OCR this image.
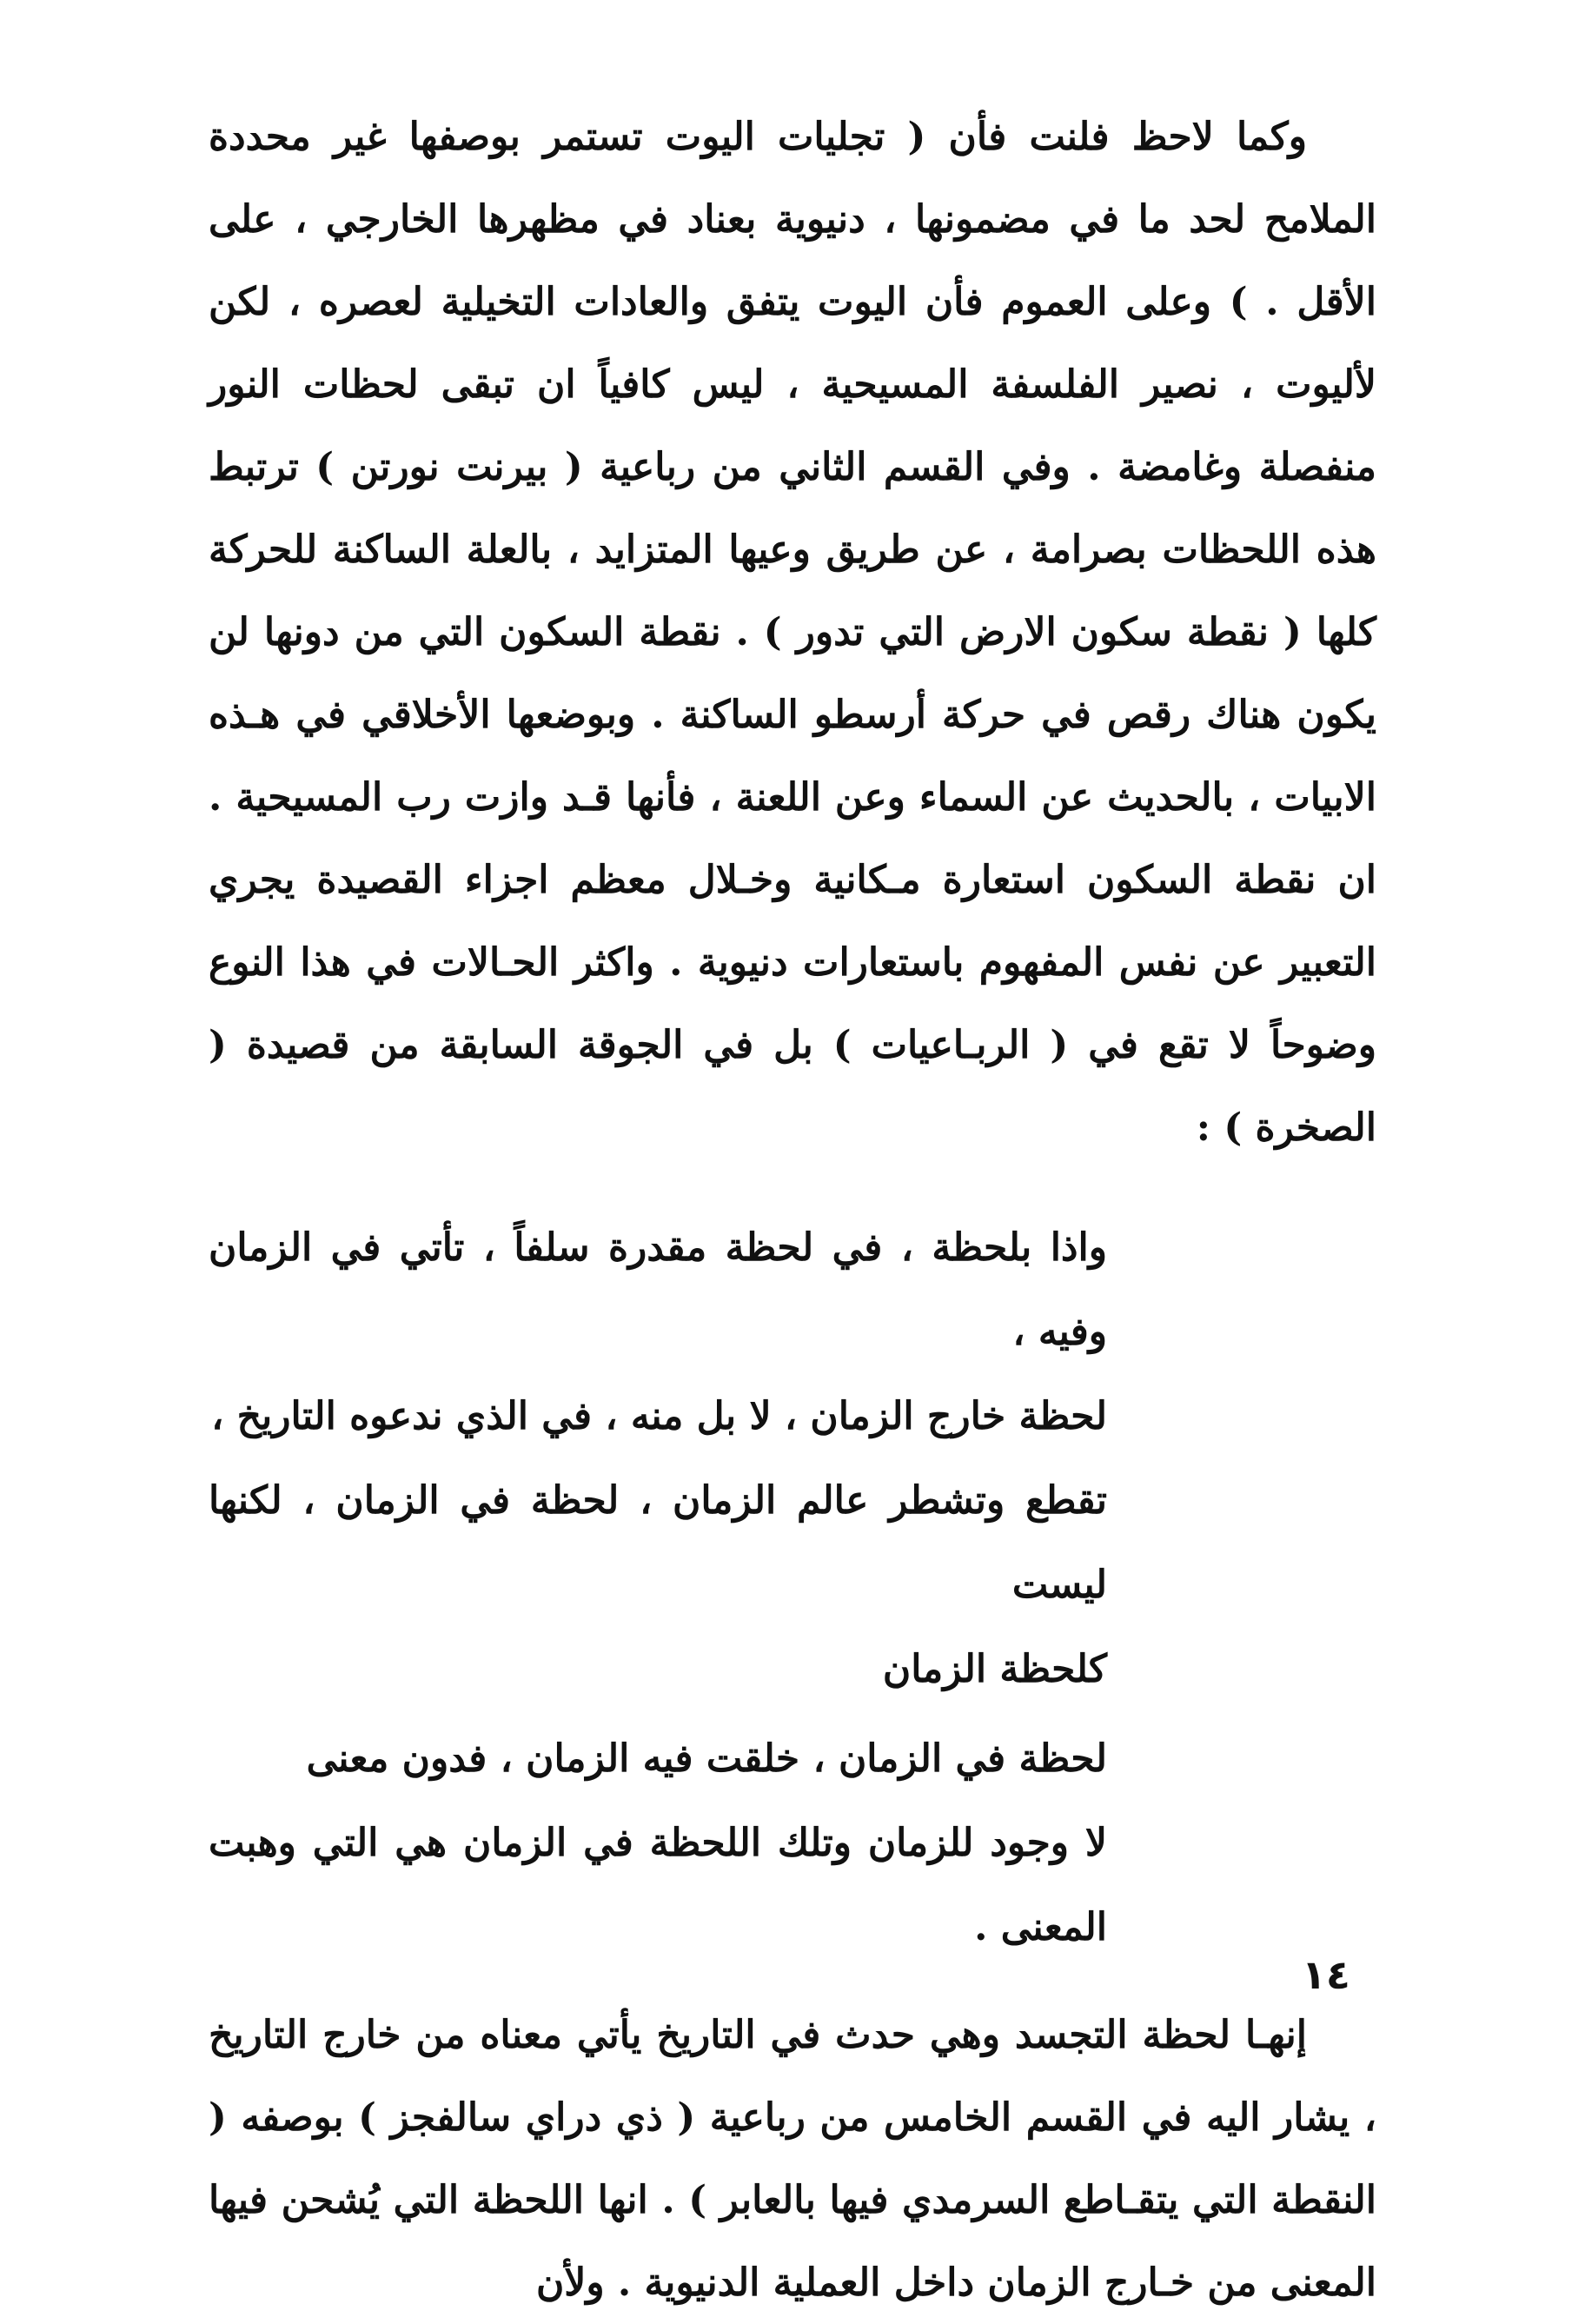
وكما لاحظ فلنت فأن ( تجليات اليوت تستمر بوصفها غير محددة الملامح لحد ما في مضمونها ، دنيوية بعناد في مظهرها الخارجي ، على الأقل . ) وعلى العموم فأن اليوت يتفق والعادات التخيلية لعصره ، لكن لأليوت ، نصير الفلسفة المسيحية ، ليس كافياً ان تبقى لحظات النور منفصلة وغامضة . وفي القسم الثاني من رباعية ( بيرنت نورتن ) ترتبط هذه اللحظات بصرامة ، عن طريق وعيها المتزايد ، بالعلة الساكنة للحركة كلها ( نقطة سكون الارض التي تدور ) . نقطة السكون التي من دونها لن يكون هناك رقص في حركة أرسطو الساكنة . وبوضعها الأخلاقي في هـذه الابيات ، بالحديث عن السماء وعن اللعنة ، فأنها قـد وازت رب المسيحية . ان نقطة السكون استعارة مـكانية وخـلال معظم اجزاء القصيدة يجري التعبير عن نفس المفهوم باستعارات دنيوية . واكثر الحـالات في هذا النوع وضوحاً لا تقع في ( الربـاعيات ) بل في الجوقة السابقة من قصيدة ( الصخرة ) :

واذا بلحظة ، في لحظة مقدرة سلفاً ، تأتي في الزمان وفيه ،
لحظة خارج الزمان ، لا بل منه ، في الذي ندعوه التاريخ ،
تقطع وتشطر عالم الزمان ، لحظة في الزمان ، لكنها ليست
كلحظة الزمان
لحظة في الزمان ، خلقت فيه الزمان ، فدون معنى
لا وجود للزمان وتلك اللحظة في الزمان هي التي وهبت المعنى .

إنهـا لحظة التجسد وهي حدث في التاريخ يأتي معناه من خارج التاريخ ، يشار اليه في القسم الخامس من رباعية ( ذي دراي سالفجز ) بوصفه ( النقطة التي يتقـاطع السرمدي فيها بالعابر ) . انها اللحظة التي يُشحن فيها المعنى من خـارج الزمان داخل العملية الدنيوية . ولأن

١٤
